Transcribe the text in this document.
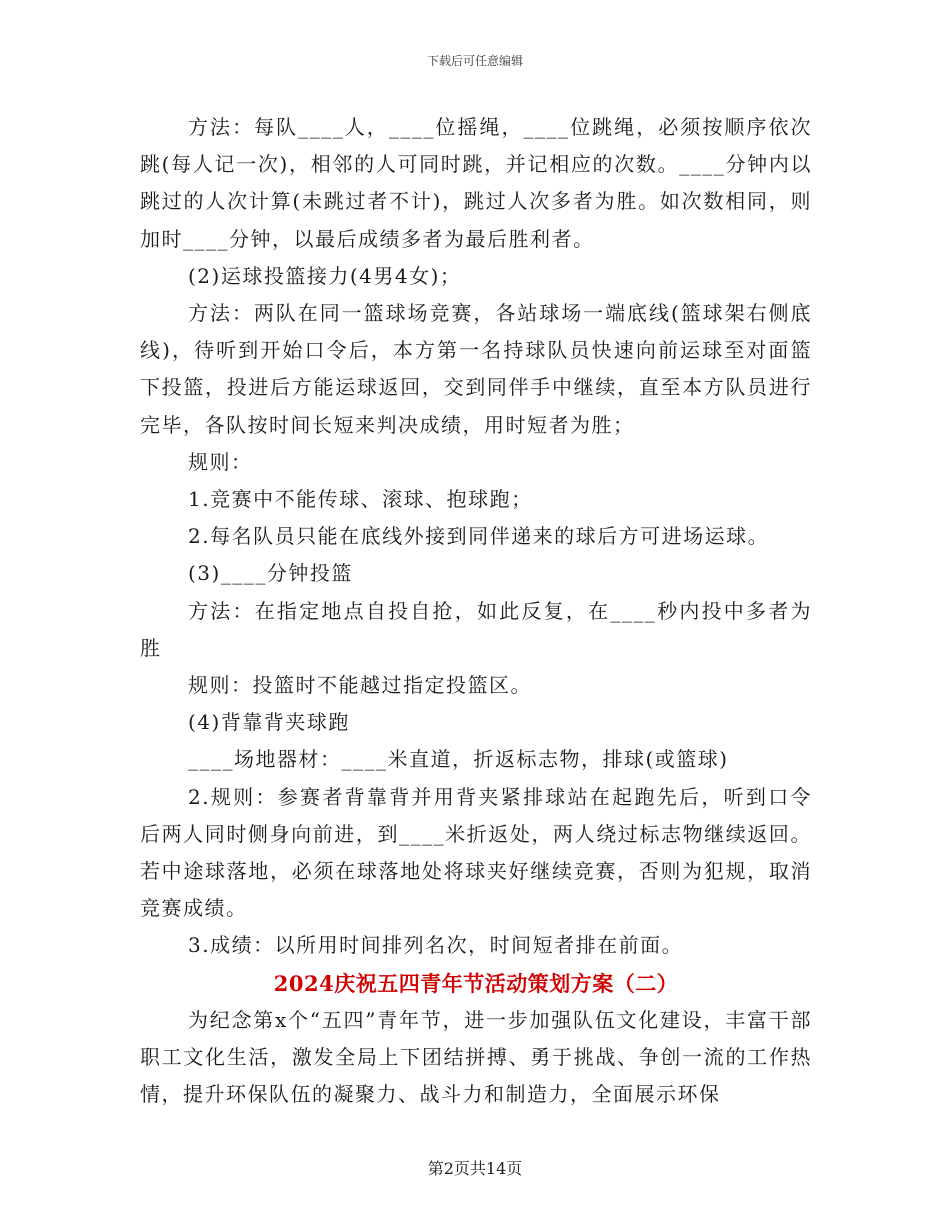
下载后可任意编辑

方法：每队____人，____位摇绳，____位跳绳，必须按顺序依次跳(每人记一次)，相邻的人可同时跳，并记相应的次数。____分钟内以跳过的人次计算(未跳过者不计)，跳过人次多者为胜。如次数相同，则加时____分钟，以最后成绩多者为最后胜利者。

(2)运球投篮接力(4男4女)；

方法：两队在同一篮球场竞赛，各站球场一端底线(篮球架右侧底线)，待听到开始口令后，本方第一名持球队员快速向前运球至对面篮下投篮，投进后方能运球返回，交到同伴手中继续，直至本方队员进行完毕，各队按时间长短来判决成绩，用时短者为胜；

规则：

1.竞赛中不能传球、滚球、抱球跑；

2.每名队员只能在底线外接到同伴递来的球后方可进场运球。

(3)____分钟投篮

方法：在指定地点自投自抢，如此反复，在____秒内投中多者为胜

规则：投篮时不能越过指定投篮区。

(4)背靠背夹球跑

____场地器材：____米直道，折返标志物，排球(或篮球)

2.规则：参赛者背靠背并用背夹紧排球站在起跑先后，听到口令后两人同时侧身向前进，到____米折返处，两人绕过标志物继续返回。若中途球落地，必须在球落地处将球夹好继续竞赛，否则为犯规，取消竞赛成绩。

3.成绩：以所用时间排列名次，时间短者排在前面。

2024庆祝五四青年节活动策划方案（二）

为纪念第x个“五四”青年节，进一步加强队伍文化建设，丰富干部职工文化生活，激发全局上下团结拼搏、勇于挑战、争创一流的工作热情，提升环保队伍的凝聚力、战斗力和制造力，全面展示环保

第2页共14页
